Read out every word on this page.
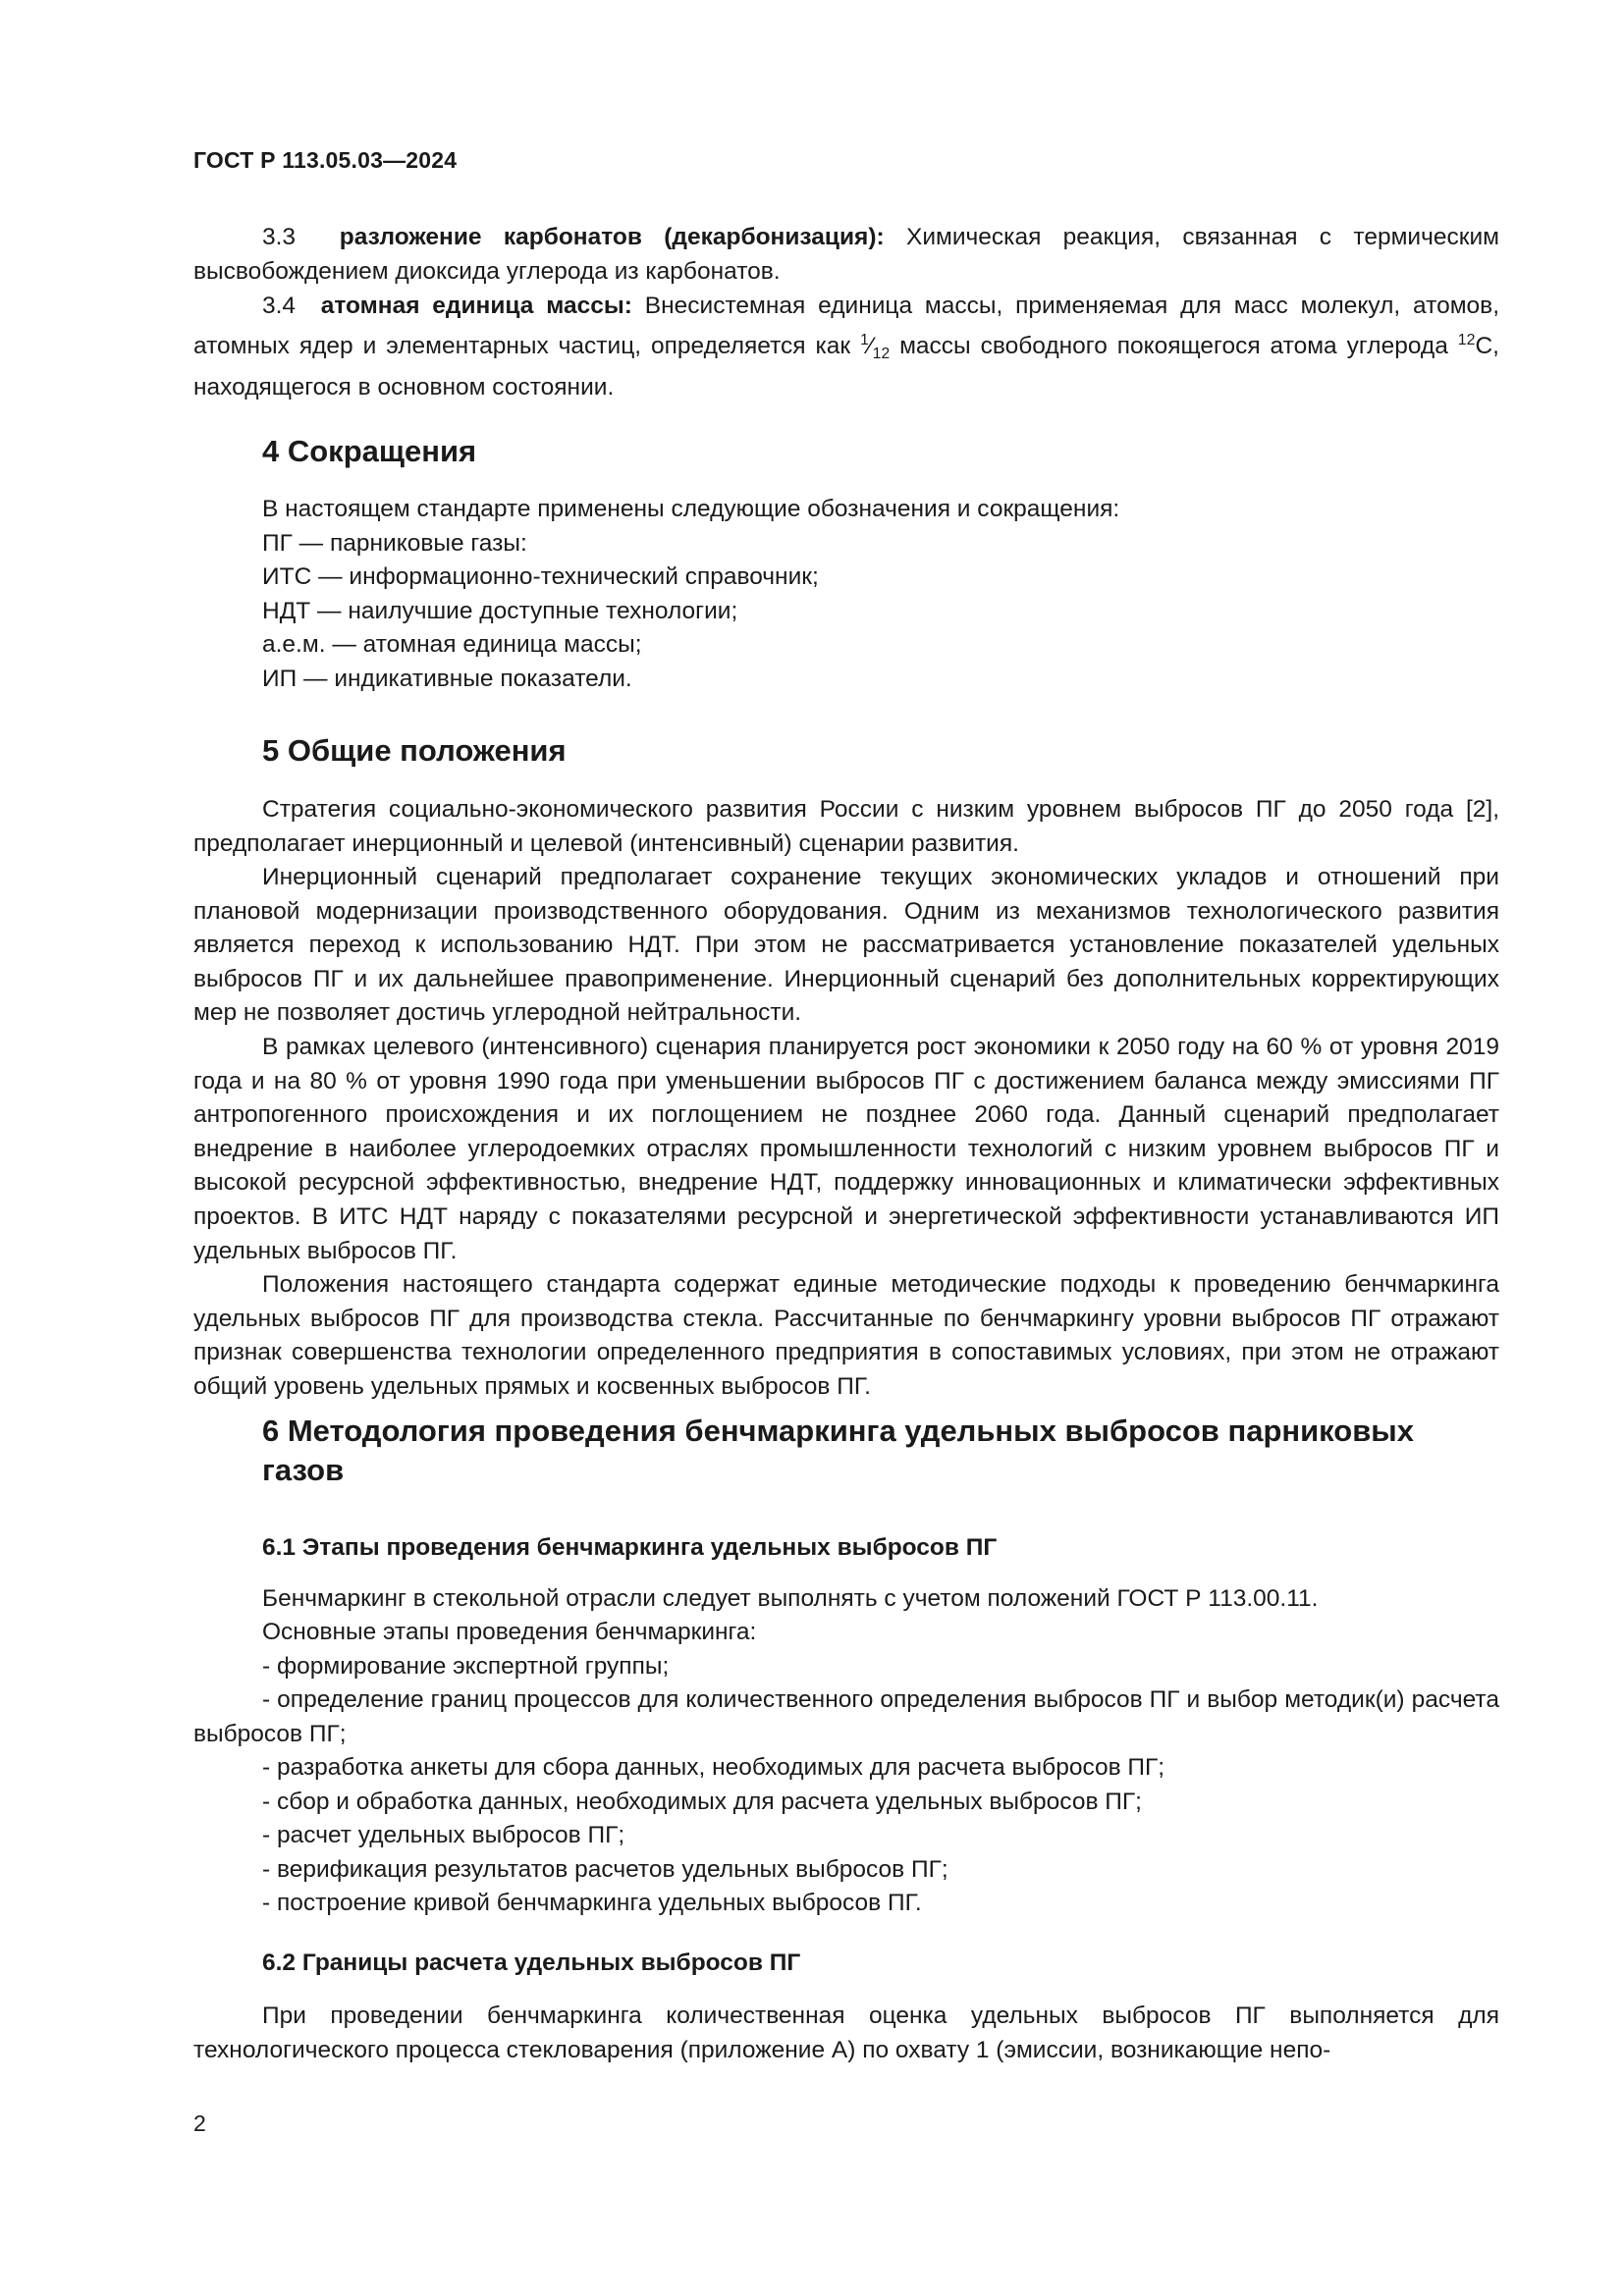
ГОСТ Р 113.05.03—2024

3.3 разложение карбонатов (декарбонизация): Химическая реакция, связанная с термическим высвобождением диоксида углерода из карбонатов.

3.4 атомная единица массы: Внесистемная единица массы, применяемая для масс молекул, атомов, атомных ядер и элементарных частиц, определяется как $^1⁄_{12}$ массы свободного покоящегося атома углерода $^{12}$C, находящегося в основном состоянии.

4 Сокращения

В настоящем стандарте применены следующие обозначения и сокращения:

ПГ — парниковые газы:

ИТС — информационно-технический справочник;

НДТ — наилучшие доступные технологии;

а.е.м. — атомная единица массы;

ИП — индикативные показатели.

5 Общие положения

Стратегия социально-экономического развития России с низким уровнем выбросов ПГ до 2050 года [2], предполагает инерционный и целевой (интенсивный) сценарии развития.

Инерционный сценарий предполагает сохранение текущих экономических укладов и отношений при плановой модернизации производственного оборудования. Одним из механизмов технологического развития является переход к использованию НДТ. При этом не рассматривается установление показателей удельных выбросов ПГ и их дальнейшее правоприменение. Инерционный сценарий без дополнительных корректирующих мер не позволяет достичь углеродной нейтральности.

В рамках целевого (интенсивного) сценария планируется рост экономики к 2050 году на 60 % от уровня 2019 года и на 80 % от уровня 1990 года при уменьшении выбросов ПГ с достижением баланса между эмиссиями ПГ антропогенного происхождения и их поглощением не позднее 2060 года. Данный сценарий предполагает внедрение в наиболее углеродоемких отраслях промышленности технологий с низким уровнем выбросов ПГ и высокой ресурсной эффективностью, внедрение НДТ, поддержку инновационных и климатически эффективных проектов. В ИТС НДТ наряду с показателями ресурсной и энергетической эффективности устанавливаются ИП удельных выбросов ПГ.

Положения настоящего стандарта содержат единые методические подходы к проведению бенчмаркинга удельных выбросов ПГ для производства стекла. Рассчитанные по бенчмаркингу уровни выбросов ПГ отражают признак совершенства технологии определенного предприятия в сопоставимых условиях, при этом не отражают общий уровень удельных прямых и косвенных выбросов ПГ.

6 Методология проведения бенчмаркинга удельных выбросов парниковых газов
6.1 Этапы проведения бенчмаркинга удельных выбросов ПГ

Бенчмаркинг в стекольной отрасли следует выполнять с учетом положений ГОСТ Р 113.00.11.

Основные этапы проведения бенчмаркинга:

- формирование экспертной группы;

- определение границ процессов для количественного определения выбросов ПГ и выбор методик(и) расчета выбросов ПГ;

- разработка анкеты для сбора данных, необходимых для расчета выбросов ПГ;

- сбор и обработка данных, необходимых для расчета удельных выбросов ПГ;

- расчет удельных выбросов ПГ;

- верификация результатов расчетов удельных выбросов ПГ;

- построение кривой бенчмаркинга удельных выбросов ПГ.

6.2 Границы расчета удельных выбросов ПГ

При проведении бенчмаркинга количественная оценка удельных выбросов ПГ выполняется для технологического процесса стекловарения (приложение А) по охвату 1 (эмиссии, возникающие непо-

2
